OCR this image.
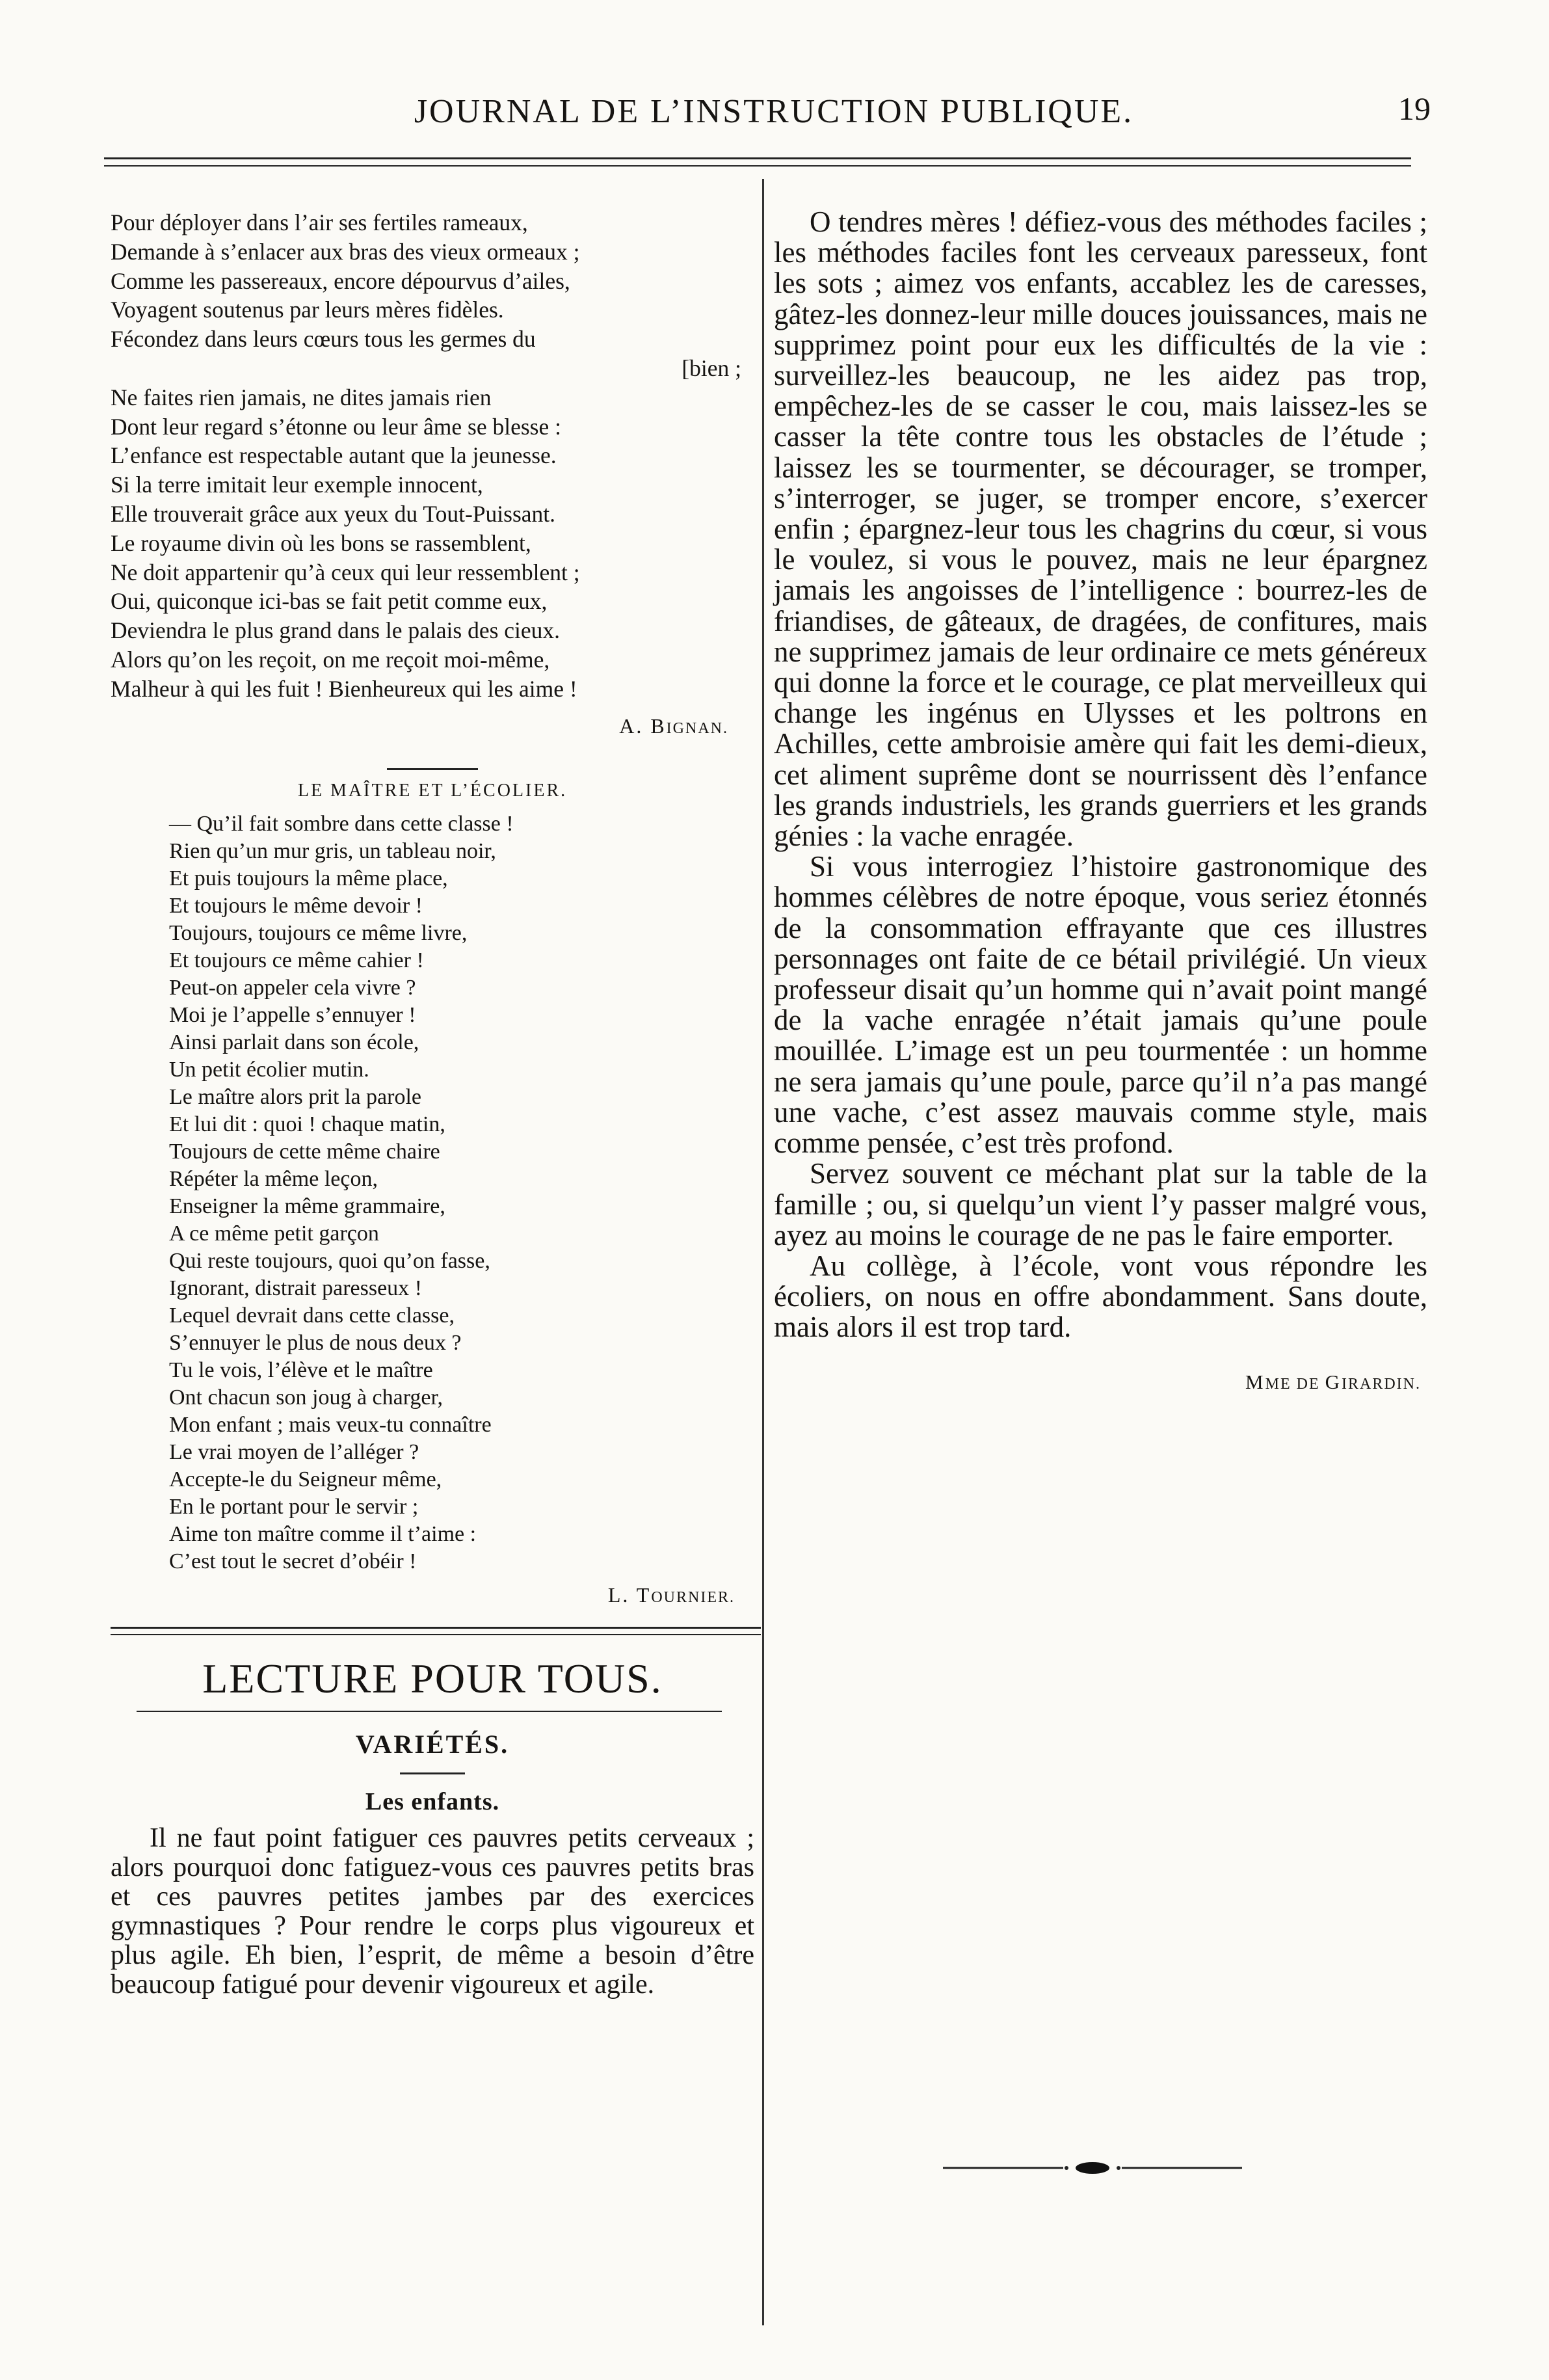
JOURNAL DE L’INSTRUCTION PUBLIQUE.	19
Pour déployer dans l’air ses fertiles rameaux,
Demande à s’enlacer aux bras des vieux ormeaux ;
Comme les passereaux, encore dépourvus d’ailes,
Voyagent soutenus par leurs mères fidèles.
Fécondez dans leurs cœurs tous les germes du
[bien ;
Ne faites rien jamais, ne dites jamais rien
Dont leur regard s’étonne ou leur âme se blesse :
L’enfance est respectable autant que la jeunesse.
Si la terre imitait leur exemple innocent,
Elle trouverait grâce aux yeux du Tout-Puissant.
Le royaume divin où les bons se rassemblent,
Ne doit appartenir qu’à ceux qui leur ressemblent ;
Oui, quiconque ici-bas se fait petit comme eux,
Deviendra le plus grand dans le palais des cieux.
Alors qu’on les reçoit, on me reçoit moi-même,
Malheur à qui les fuit ! Bienheureux qui les aime !
A. BIGNAN.
LE MAÎTRE ET L’ÉCOLIER.
— Qu’il fait sombre dans cette classe !
Rien qu’un mur gris, un tableau noir,
Et puis toujours la même place,
Et toujours le même devoir !
Toujours, toujours ce même livre,
Et toujours ce même cahier !
Peut-on appeler cela vivre ?
Moi je l’appelle s’ennuyer !
Ainsi parlait dans son école,
Un petit écolier mutin.
Le maître alors prit la parole
Et lui dit : quoi ! chaque matin,
Toujours de cette même chaire
Répéter la même leçon,
Enseigner la même grammaire,
A ce même petit garçon
Qui reste toujours, quoi qu’on fasse,
Ignorant, distrait paresseux !
Lequel devrait dans cette classe,
S’ennuyer le plus de nous deux ?
Tu le vois, l’élève et le maître
Ont chacun son joug à charger,
Mon enfant ; mais veux-tu connaître
Le vrai moyen de l’alléger ?
Accepte-le du Seigneur même,
En le portant pour le servir ;
Aime ton maître comme il t’aime :
C’est tout le secret d’obéir !
L. TOURNIER.
LECTURE POUR TOUS.
VARIÉTÉS.
Les enfants.
Il ne faut point fatiguer ces pauvres petits cerveaux ; alors pourquoi donc fatiguez-vous ces pauvres petits bras et ces pauvres petites jambes par des exercices gymnastiques ? Pour rendre le corps plus vigoureux et plus agile. Eh bien, l’esprit, de même a besoin d’être beaucoup fatigué pour devenir vigoureux et agile.

O tendres mères ! défiez-vous des méthodes faciles ; les méthodes faciles font les cerveaux paresseux, font les sots ; aimez vos enfants, accablez les de caresses, gâtez-les donnez-leur mille douces jouissances, mais ne supprimez point pour eux les difficultés de la vie : surveillez-les beaucoup, ne les aidez pas trop, empêchez-les de se casser le cou, mais laissez-les se casser la tête contre tous les obstacles de l’étude ; laissez les se tourmenter, se décourager, se tromper, s’interroger, se juger, se tromper encore, s’exercer enfin ; épargnez-leur tous les chagrins du cœur, si vous le voulez, si vous le pouvez, mais ne leur épargnez jamais les angoisses de l’intelligence : bourrez-les de friandises, de gâteaux, de dragées, de confitures, mais ne supprimez jamais de leur ordinaire ce mets généreux qui donne la force et le courage, ce plat merveilleux qui change les ingénus en Ulysses et les poltrons en Achilles, cette ambroisie amère qui fait les demi-dieux, cet aliment suprême dont se nourrissent dès l’enfance les grands industriels, les grands guerriers et les grands génies : la vache enragée.

Si vous interrogiez l’histoire gastronomique des hommes célèbres de notre époque, vous seriez étonnés de la consommation effrayante que ces illustres personnages ont faite de ce bétail privilégié. Un vieux professeur disait qu’un homme qui n’avait point mangé de la vache enragée n’était jamais qu’une poule mouillée. L’image est un peu tourmentée : un homme ne sera jamais qu’une poule, parce qu’il n’a pas mangé une vache, c’est assez mauvais comme style, mais comme pensée, c’est très profond.

Servez souvent ce méchant plat sur la table de la famille ; ou, si quelqu’un vient l’y passer malgré vous, ayez au moins le courage de ne pas le faire emporter.

Au collège, à l’école, vont vous répondre les écoliers, on nous en offre abondamment. Sans doute, mais alors il est trop tard.

MME DE GIRARDIN.
